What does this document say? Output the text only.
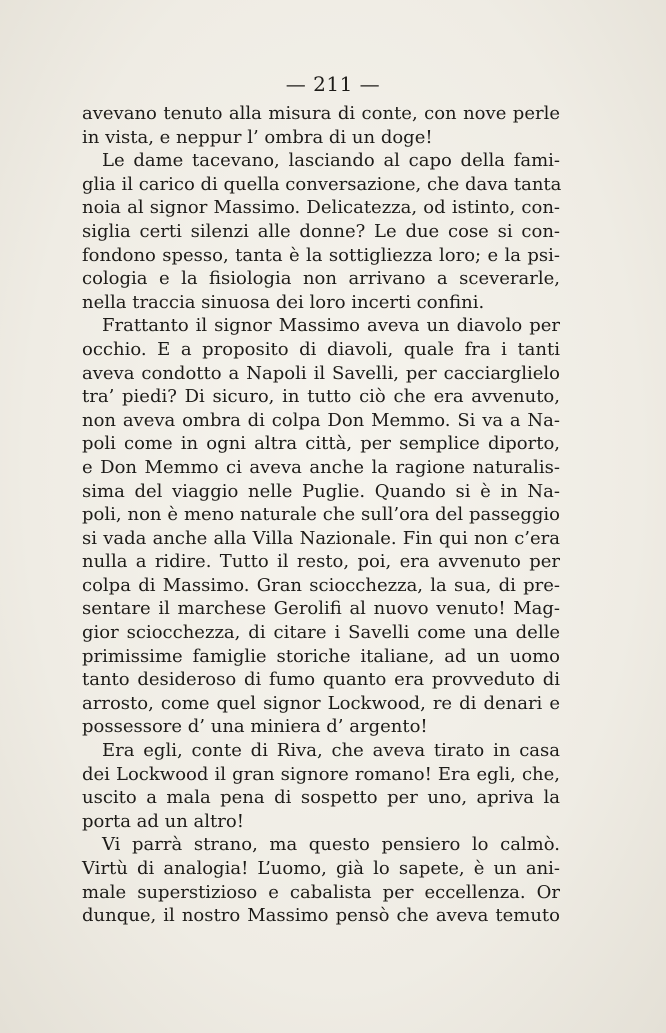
— 211 —
avevano tenuto alla misura di conte, con nove perle
in vista, e neppur l’ ombra di un doge!
Le dame tacevano, lasciando al capo della fami-
glia il carico di quella conversazione, che dava tanta
noia al signor Massimo. Delicatezza, od istinto, con-
siglia certi silenzi alle donne? Le due cose si con-
fondono spesso, tanta è la sottigliezza loro; e la psi-
cologia e la fisiologia non arrivano a sceverarle,
nella traccia sinuosa dei loro incerti confini.
Frattanto il signor Massimo aveva un diavolo per
occhio. E a proposito di diavoli, quale fra i tanti
aveva condotto a Napoli il Savelli, per cacciarglielo
tra’ piedi? Di sicuro, in tutto ciò che era avvenuto,
non aveva ombra di colpa Don Memmo. Si va a Na-
poli come in ogni altra città, per semplice diporto,
e Don Memmo ci aveva anche la ragione naturalis-
sima del viaggio nelle Puglie. Quando si è in Na-
poli, non è meno naturale che sull’ora del passeggio
si vada anche alla Villa Nazionale. Fin qui non c’era
nulla a ridire. Tutto il resto, poi, era avvenuto per
colpa di Massimo. Gran sciocchezza, la sua, di pre-
sentare il marchese Gerolifi al nuovo venuto! Mag-
gior sciocchezza, di citare i Savelli come una delle
primissime famiglie storiche italiane, ad un uomo
tanto desideroso di fumo quanto era provveduto di
arrosto, come quel signor Lockwood, re di denari e
possessore d’ una miniera d’ argento!
Era egli, conte di Riva, che aveva tirato in casa
dei Lockwood il gran signore romano! Era egli, che,
uscito a mala pena di sospetto per uno, apriva la
porta ad un altro!
Vi parrà strano, ma questo pensiero lo calmò.
Virtù di analogia! L’uomo, già lo sapete, è un ani-
male superstizioso e cabalista per eccellenza. Or
dunque, il nostro Massimo pensò che aveva temuto
